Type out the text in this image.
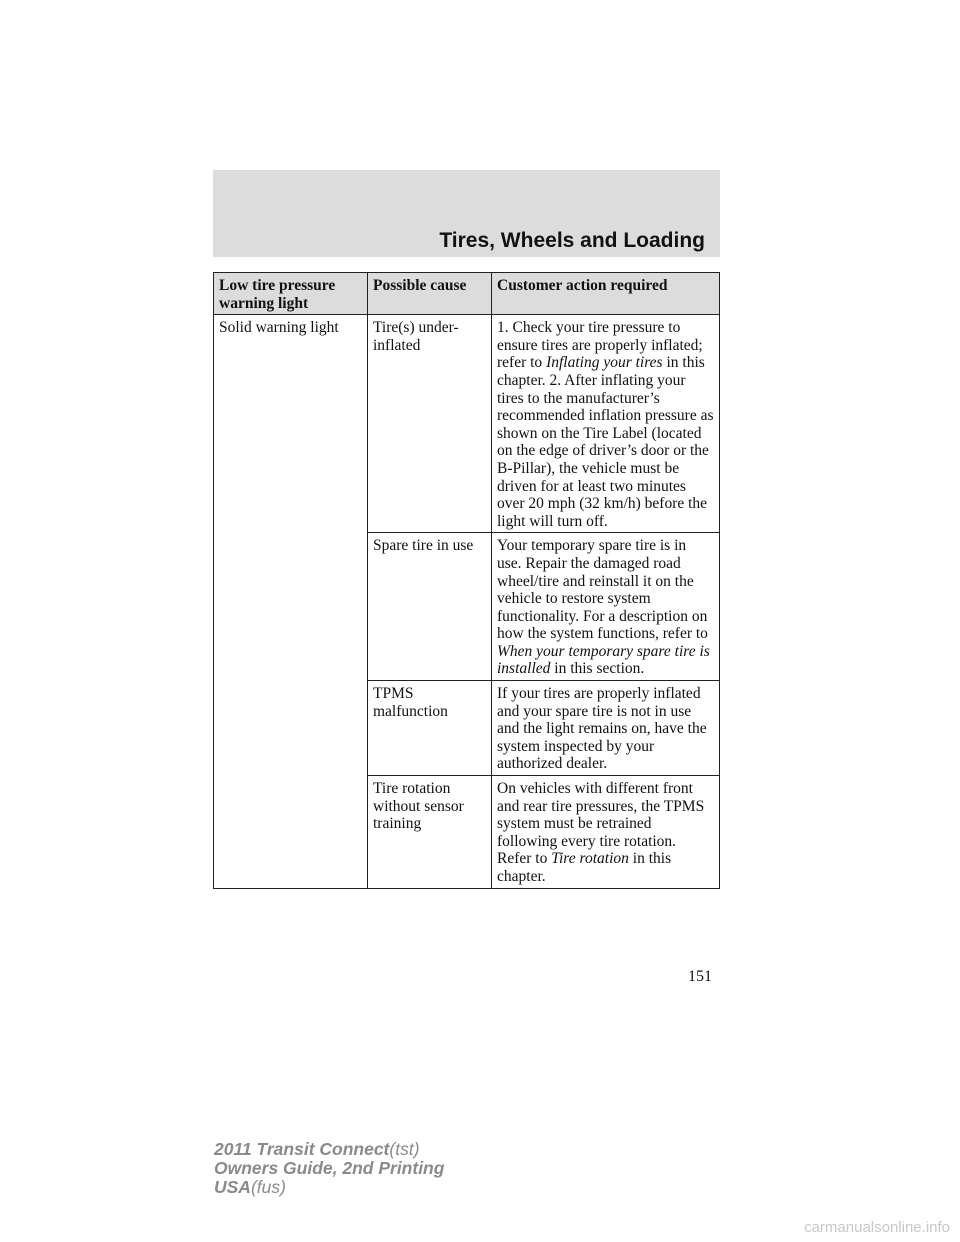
Tires, Wheels and Loading
Low tire pressure warning light	Possible cause	Customer action required
Solid warning light	Tire(s) under-inflated	1. Check your tire pressure to ensure tires are properly inflated; refer to Inflating your tires in this chapter. 2. After inflating your tires to the manufacturer’s recommended inflation pressure as shown on the Tire Label (located on the edge of driver’s door or the B-Pillar), the vehicle must be driven for at least two minutes over 20 mph (32 km/h) before the light will turn off.
	Spare tire in use	Your temporary spare tire is in use. Repair the damaged road wheel/tire and reinstall it on the vehicle to restore system functionality. For a description on how the system functions, refer to When your temporary spare tire is installed in this section.
	TPMS malfunction	If your tires are properly inflated and your spare tire is not in use and the light remains on, have the system inspected by your authorized dealer.
	Tire rotation without sensor training	On vehicles with different front and rear tire pressures, the TPMS system must be retrained following every tire rotation. Refer to Tire rotation in this chapter.
151
2011 Transit Connect(tst)
Owners Guide, 2nd Printing
USA(fus)
carmanualsonline.info
